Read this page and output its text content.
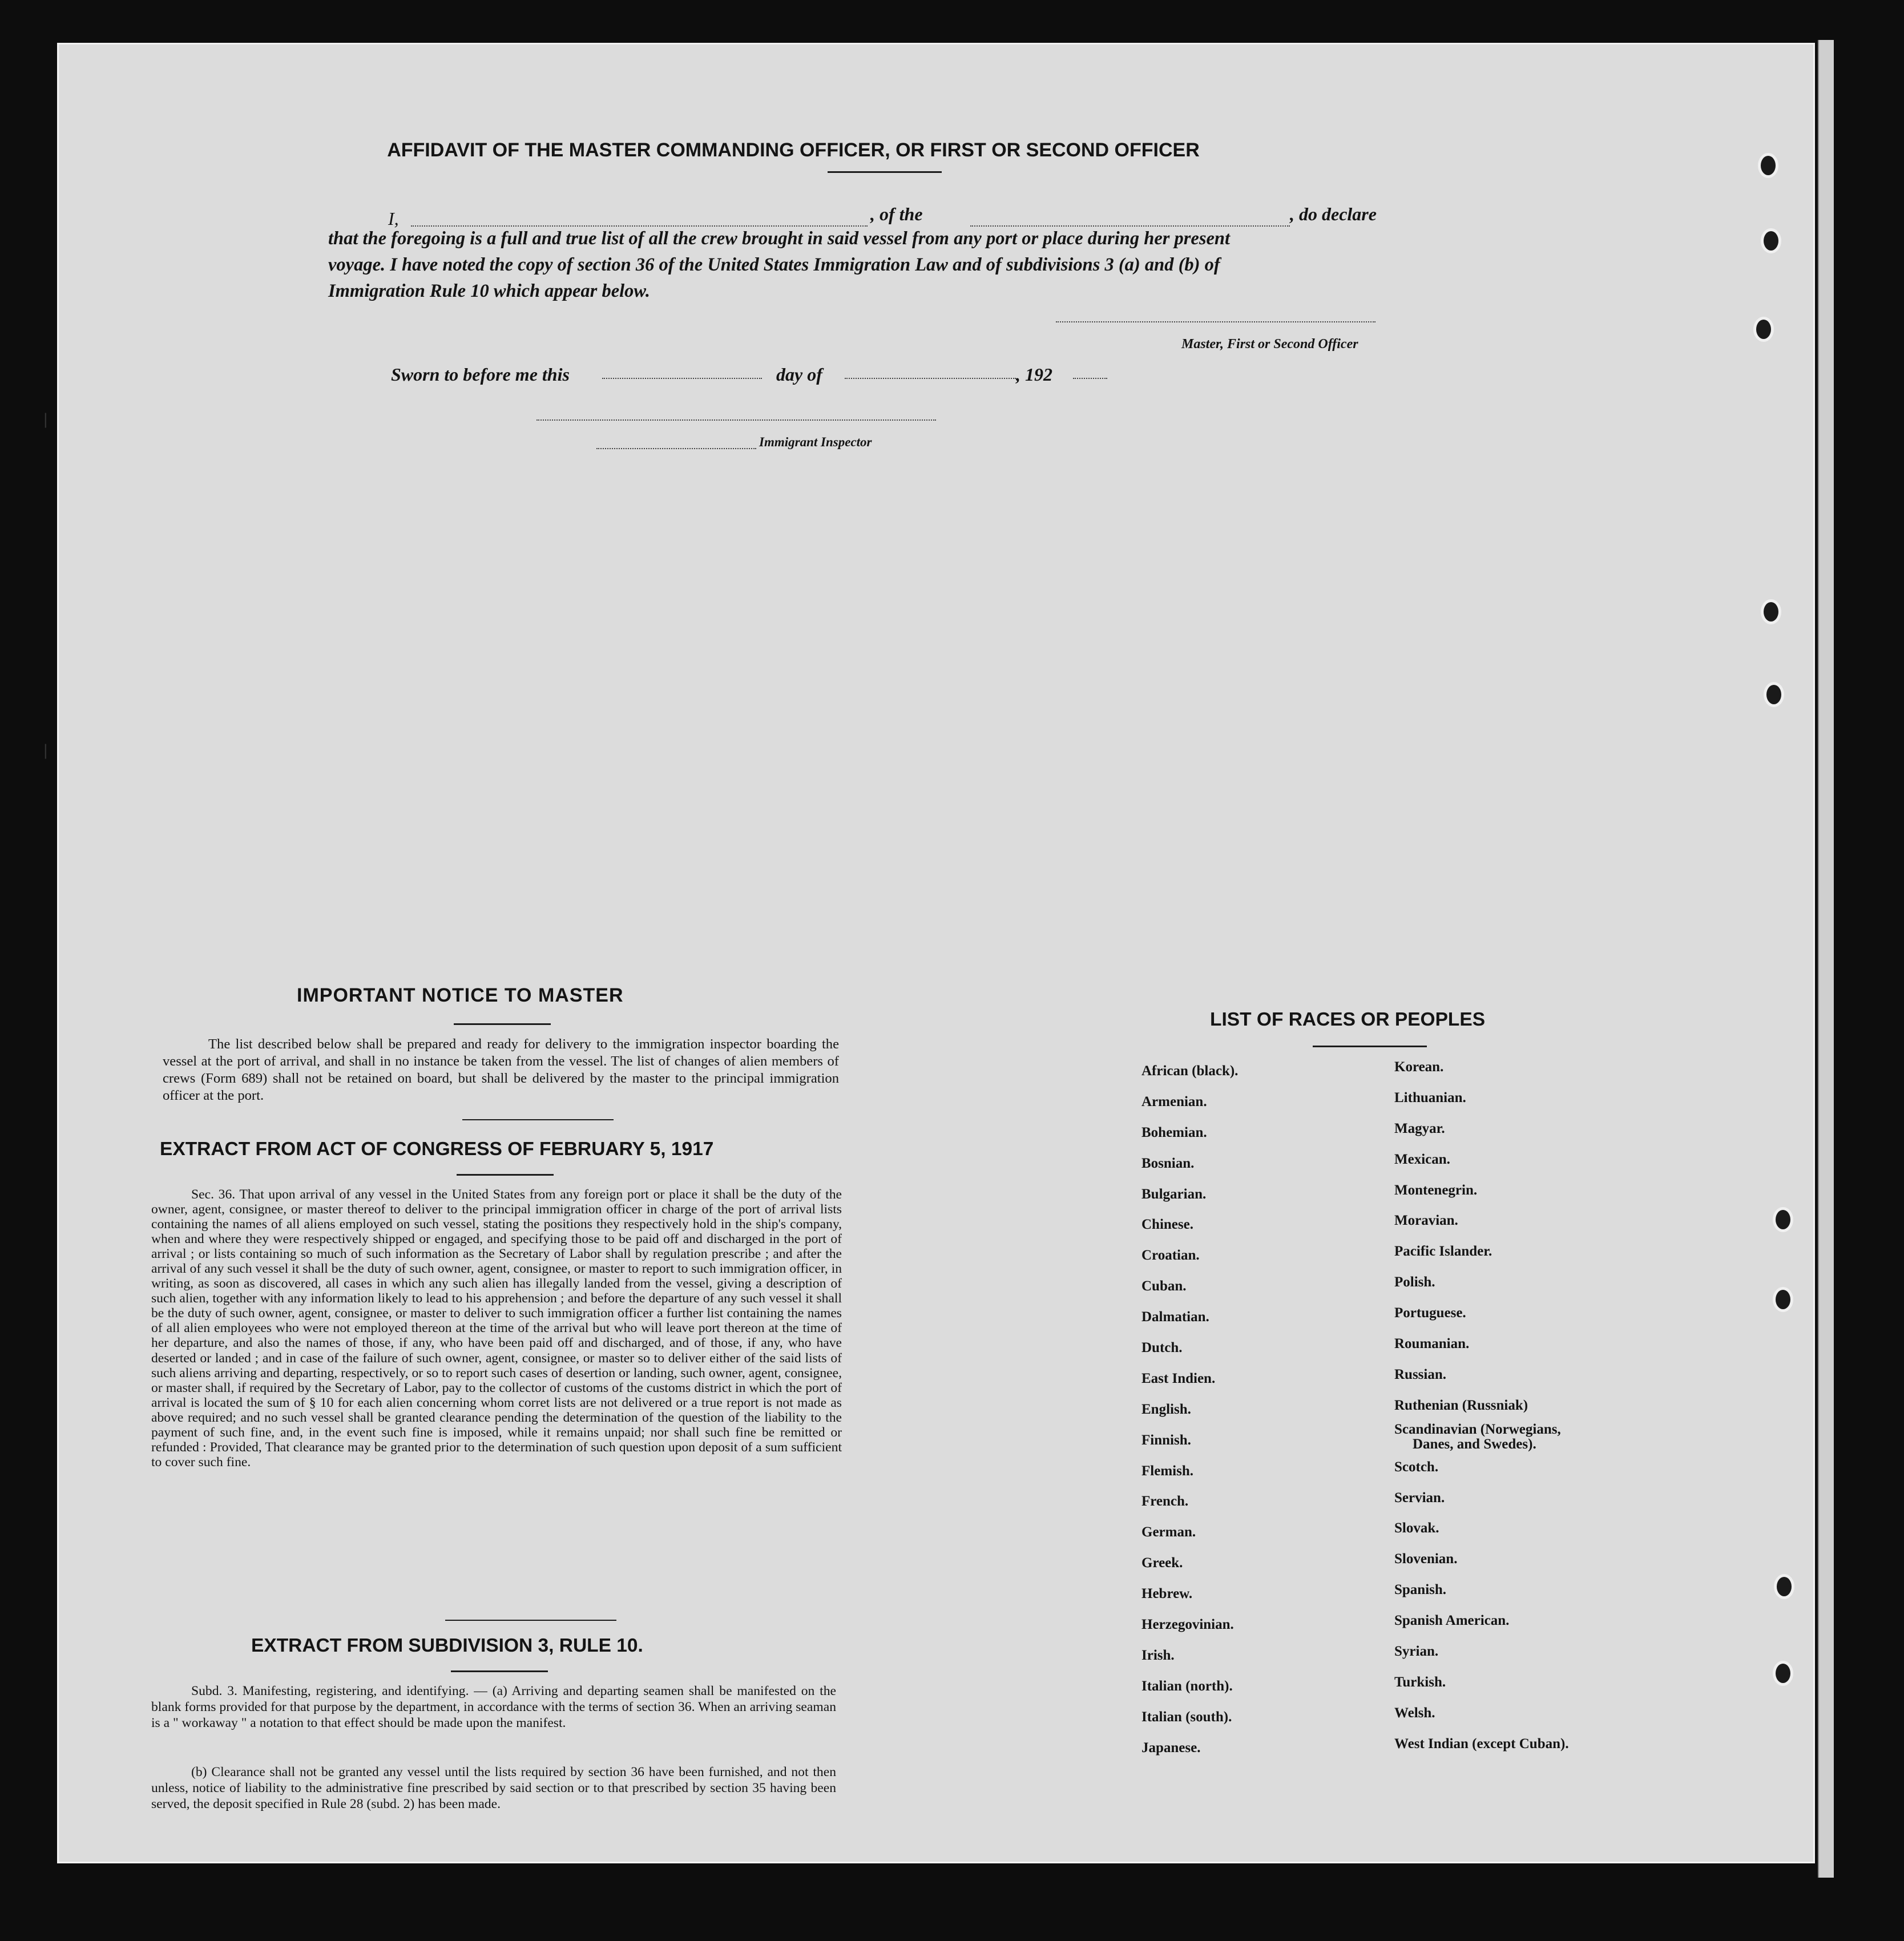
|
|
AFFIDAVIT OF THE MASTER COMMANDING OFFICER, OR FIRST OR SECOND OFFICER
I,	, of the	, do declare
that the foregoing is a full and true list of all the crew brought in said vessel from any port or place during her present
voyage. I have noted the copy of section 36 of the United States Immigration Law and of subdivisions 3 (a) and (b) of
Immigration Rule 10 which appear below.
Master, First or Second Officer
Sworn to before me this	day of	, 192
Immigrant Inspector
IMPORTANT NOTICE TO MASTER
The list described below shall be prepared and ready for delivery to the immigration inspector boarding the vessel at the port of arrival, and shall in no instance be taken from the vessel. The list of changes of alien members of crews (Form 689) shall not be retained on board, but shall be delivered by the master to the principal immigration officer at the port.
EXTRACT FROM ACT OF CONGRESS OF FEBRUARY 5, 1917
Sec. 36. That upon arrival of any vessel in the United States from any foreign port or place it shall be the duty of the owner, agent, consignee, or master thereof to deliver to the principal immigration officer in charge of the port of arrival lists containing the names of all aliens employed on such vessel, stating the positions they respectively hold in the ship's company, when and where they were respectively shipped or engaged, and specifying those to be paid off and discharged in the port of arrival ; or lists containing so much of such information as the Secretary of Labor shall by regulation prescribe ; and after the arrival of any such vessel it shall be the duty of such owner, agent, consignee, or master to report to such immigration officer, in writing, as soon as discovered, all cases in which any such alien has illegally landed from the vessel, giving a description of such alien, together with any information likely to lead to his apprehension ; and before the departure of any such vessel it shall be the duty of such owner, agent, consignee, or master to deliver to such immigration officer a further list containing the names of all alien employees who were not employed thereon at the time of the arrival but who will leave port thereon at the time of her departure, and also the names of those, if any, who have been paid off and discharged, and of those, if any, who have deserted or landed ; and in case of the failure of such owner, agent, consignee, or master so to deliver either of the said lists of such aliens arriving and departing, respectively, or so to report such cases of desertion or landing, such owner, agent, consignee, or master shall, if required by the Secretary of Labor, pay to the collector of customs of the customs district in which the port of arrival is located the sum of § 10 for each alien concerning whom corret lists are not delivered or a true report is not made as above required; and no such vessel shall be granted clearance pending the determination of the question of the liability to the payment of such fine, and, in the event such fine is imposed, while it remains unpaid; nor shall such fine be remitted or refunded : Provided, That clearance may be granted prior to the determination of such question upon deposit of a sum sufficient to cover such fine.
EXTRACT FROM SUBDIVISION 3, RULE 10.
Subd. 3. Manifesting, registering, and identifying. — (a) Arriving and departing seamen shall be manifested on the blank forms provided for that purpose by the department, in accordance with the terms of section 36. When an arriving seaman is a " workaway " a notation to that effect should be made upon the manifest.
(b) Clearance shall not be granted any vessel until the lists required by section 36 have been furnished, and not then unless, notice of liability to the administrative fine prescribed by said section or to that prescribed by section 35 having been served, the deposit specified in Rule 28 (subd. 2) has been made.
LIST OF RACES OR PEOPLES
African (black).
Armenian.
Bohemian.
Bosnian.
Bulgarian.
Chinese.
Croatian.
Cuban.
Dalmatian.
Dutch.
East Indien.
English.
Finnish.
Flemish.
French.
German.
Greek.
Hebrew.
Herzegovinian.
Irish.
Italian (north).
Italian (south).
Japanese.
Korean.
Lithuanian.
Magyar.
Mexican.
Montenegrin.
Moravian.
Pacific Islander.
Polish.
Portuguese.
Roumanian.
Russian.
Ruthenian (Russniak)
Scandinavian (Norwegians,
Danes, and Swedes).
Scotch.
Servian.
Slovak.
Slovenian.
Spanish.
Spanish American.
Syrian.
Turkish.
Welsh.
West Indian (except Cuban).
